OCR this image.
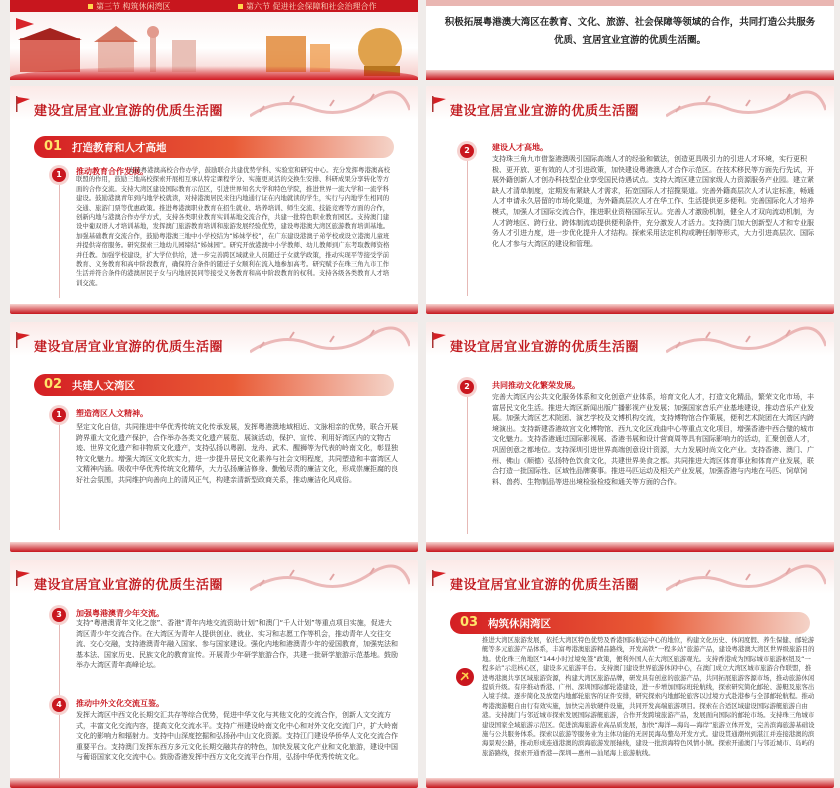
第三节 构筑休闲湾区	第六节 促进社会保障和社会治理合作
积极拓展粤港澳大湾区在教育、文化、旅游、社会保障等领域的合作，共同打造公共服务优质、宜居宜业宜游的优质生活圈。
建设宜居宜业宜游的优质生活圈
01 打造教育和人才高地
1	推动教育合作发展。
支持粤港澳高校合作办学，鼓励联合共建优势学科、实验室和研究中心。充分发挥粤港澳高校联盟的作用，鼓励三地高校探索开展相互承认特定课程学分、实施更灵活的交换生安排、科研成果分享转化等方面的合作交流。支持大湾区建设国际教育示范区，引进世界知名大学和特色学院，推进世界一流大学和一流学科建设。鼓励港澳青年到内地学校就读，对持港澳居民来往内地通行证在内地就读的学生，实行与内地学生相同的交通、旅游门票等优惠政策。推进粤港澳职业教育在招生就业、培养培训、师生交流、技能竞赛等方面的合作，创新内地与港澳合作办学方式，支持各类职业教育实训基地交流合作，共建一批特色职业教育园区。支持澳门建设中葡双语人才培训基地，发挥澳门旅游教育培训和旅游发展经验优势，建设粤港澳大湾区旅游教育培训基地。加强基础教育交流合作，鼓励粤港澳三地中小学校结为“姊妹学校”，在广东建设港澳子弟学校或设立港澳儿童班并提供寄宿服务。研究探索三地幼儿园缔结“姊妹园”。研究开放港澳中小学教师、幼儿教师到广东考取教师资格并任教。加强学校建设，扩大学位供给，进一步完善跨区域就业人员随迁子女就学政策，推动实现平等接受学前教育、义务教育和高中阶段教育，确保符合条件的随迁子女顺利在流入地参加高考。研究赋予在珠三角九市工作生活并符合条件的港澳居民子女与内地居民同等接受义务教育和高中阶段教育的权利。支持各级各类教育人才培训交流。
建设宜居宜业宜游的优质生活圈
2	建设人才高地。
支持珠三角九市借鉴港澳吸引国际高端人才的经验和做法，创造更具吸引力的引进人才环境，实行更积极、更开放、更有效的人才引进政策，加快建设粤港澳人才合作示范区。在技术移民等方面先行先试，开展外籍创新人才创办科技型企业享受国民待遇试点。支持大湾区建立国家级人力资源服务产业园。建立紧缺人才清单制度，定期发布紧缺人才需求，拓宽国际人才招揽渠道。完善外籍高层次人才认定标准，畅通人才申请永久居留的市场化渠道，为外籍高层次人才在华工作、生活提供更多便利。完善国际化人才培养模式，加强人才国际交流合作，推进职业资格国际互认。完善人才激励机制，健全人才双向流动机制，为人才跨地区、跨行业、跨体制流动提供便利条件，充分激发人才活力。支持澳门加大创新型人才和专业服务人才引进力度，进一步优化提升人才结构。探索采用法定机构或聘任制等形式，大力引进高层次、国际化人才参与大湾区的建设和管理。
建设宜居宜业宜游的优质生活圈
02 共建人文湾区
1	塑造湾区人文精神。
坚定文化自信，共同推进中华优秀传统文化传承发展，发挥粤港澳地域相近、文脉相亲的优势，联合开展跨界重大文化遗产保护，合作举办各类文化遗产展览、展演活动，保护、宣传、利用好湾区内的文物古迹、世界文化遗产和非物质文化遗产，支持弘扬以粤剧、龙舟、武术、醒狮等为代表的岭南文化，彰显独特文化魅力。增强大湾区文化软实力，进一步提升居民文化素养与社会文明程度，共同塑造和丰富湾区人文精神内涵。吸收中华优秀传统文化精华，大力弘扬廉洁修身、勤勉尽责的廉洁文化，形成崇廉拒腐的良好社会氛围，共同维护向善向上的清风正气，构建亲清新型政商关系，推动廉洁化风成俗。
建设宜居宜业宜游的优质生活圈
2	共同推动文化繁荣发展。
完善大湾区内公共文化服务体系和文化创意产业体系，培育文化人才，打造文化精品，繁荣文化市场，丰富居民文化生活。推进大湾区新闻出版广播影视产业发展；加强国家音乐产业基地建设，推动音乐产业发展。加强大湾区艺术院团、演艺学校及文博机构交流，支持博物馆合作策展，便利艺术院团在大湾区内跨境演出。支持新建香港故宫文化博物馆、西九文化区戏曲中心等重点文化项目，增强香港中西合璧的城市文化魅力。支持香港通过国际影视展、香港书展和设计营商周等具有国际影响力的活动，汇聚创意人才，巩固创意之都地位。支持深圳引进世界高端创意设计资源，大力发展时尚文化产业。支持香港、澳门、广州、佛山（顺德）弘扬特色饮食文化，共建世界美食之都。共同推进大湾区体育事业和体育产业发展，联合打造一批国际性、区域性品牌赛事。推进马匹运动及相关产业发展，加强香港与内地在马匹、饲草饲料、兽药、生物制品等进出境检验检疫和通关等方面的合作。
建设宜居宜业宜游的优质生活圈
3	加强粤港澳青少年交流。
支持“粤港澳青年文化之旅”、香港“青年内地交流资助计划”和澳门“千人计划”等重点项目实施，促进大湾区青少年交流合作。在大湾区为青年人提供创业、就业、实习和志愿工作等机会，推动青年人交往交流、交心交融，支持港澳青年融入国家、参与国家建设。强化内地和港澳青少年的爱国教育，加强宪法和基本法、国家历史、民族文化的教育宣传。开展青少年研学旅游合作，共建一批研学旅游示范基地。鼓励举办大湾区青年高峰论坛。
4	推动中外文化交流互鉴。
发挥大湾区中西文化长期交汇共存等综合优势，促进中华文化与其他文化的交流合作，创新人文交流方式，丰富文化交流内容，提高文化交流水平。支持广州建设岭南文化中心和对外文化交流门户，扩大岭南文化的影响力和辐射力。支持中山深度挖掘和弘扬孙中山文化资源。支持江门建设华侨华人文化交流合作重要平台。支持澳门发挥东西方多元文化长期交融共存的特色，加快发展文化产业和文化旅游，建设中国与葡语国家文化交流中心。鼓励香港发挥中西方文化交流平台作用，弘扬中华优秀传统文化。
建设宜居宜业宜游的优质生活圈
03 构筑休闲湾区
推进大湾区旅游发展，依托大湾区特色优势及香港国际航运中心的地位，构建文化历史、休闲度假、养生保健、邮轮游艇等多元旅游产品体系，丰富粤港澳旅游精品路线，开发高铁“一程多站”旅游产品，建设粤港澳大湾区世界级旅游目的地。优化珠三角地区“144小时过境免签”政策，便利外国人在大湾区旅游观光。支持香港成为国际城市旅游枢纽及“一程多站”示范核心区，建设多元旅游平台。支持澳门建设世界旅游休闲中心，在澳门成立大湾区城市旅游合作联盟，推进粤港澳共享区域旅游资源，构建大湾区旅游品牌，研发具有创意的旅游产品，共同拓展旅游客源市场，推动旅游休闲提质升级。有序推动香港、广州、深圳国际邮轮港建设，进一步增加国际班轮航线，探索研究简化邮轮、游艇及旅客出入境手续。逐步简化及放宽内地邮轮旅客的证件安排，研究探索内地邮轮旅客以过境方式赴港参与全部邮轮航程。推动粤港澳游艇自由行有效实施，加快完善软硬件设施，共同开发高端旅游项目。探索在合适区域建设国际游艇旅游自由港。支持澳门与邻近城市探索发展国际游艇旅游，合作开发跨境旅游产品，发展面向国际的邮轮市场。支持珠三角城市建设国家全域旅游示范区。促进滨海旅游业高品质发展，加快“海洋—海岛—海岸”旅游立体开发，完善滨海旅游基础设施与公共服务体系。探索以旅游等服务业为主体功能的无居民海岛整岛开发方式。建设贯通潮州到湛江并连接港澳的滨海景观公路，推动形成连通港澳的滨海旅游发展轴线，建设一批滨海特色风情小镇。探索开通澳门与邻近城市、岛屿的旅游路线，探索开通香港—深圳—惠州—汕尾海上旅游航线。
